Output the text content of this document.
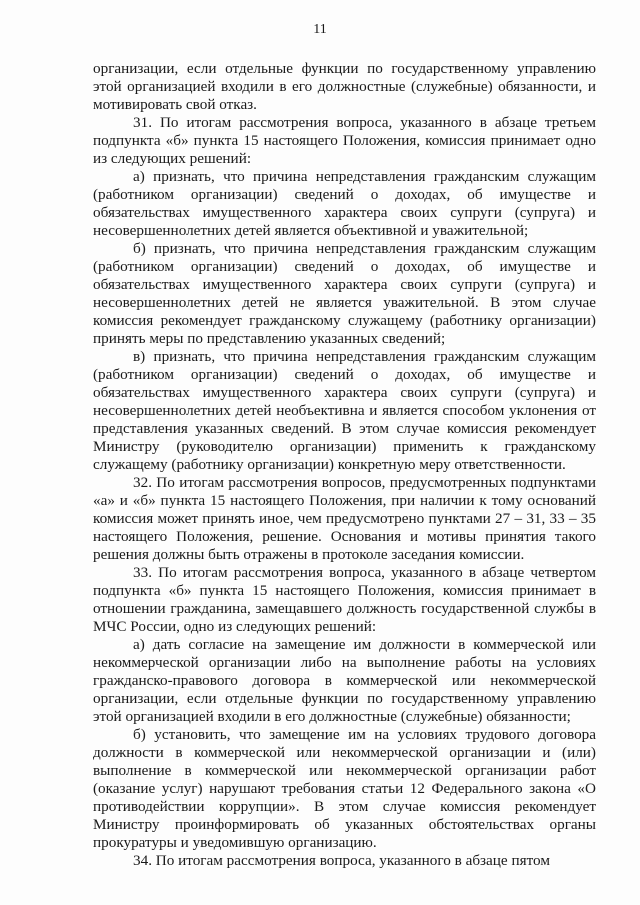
11

организации, если отдельные функции по государственному управлению этой организацией входили в его должностные (служебные) обязанности, и мотивировать свой отказ.

31. По итогам рассмотрения вопроса, указанного в абзаце третьем подпункта «б» пункта 15 настоящего Положения, комиссия принимает одно из следующих решений:

а) признать, что причина непредставления гражданским служащим (работником организации) сведений о доходах, об имуществе и обязательствах имущественного характера своих супруги (супруга) и несовершеннолетних детей является объективной и уважительной;

б) признать, что причина непредставления гражданским служащим (работником организации) сведений о доходах, об имуществе и обязательствах имущественного характера своих супруги (супруга) и несовершеннолетних детей не является уважительной. В этом случае комиссия рекомендует гражданскому служащему (работнику организации) принять меры по представлению указанных сведений;

в) признать, что причина непредставления гражданским служащим (работником организации) сведений о доходах, об имуществе и обязательствах имущественного характера своих супруги (супруга) и несовершеннолетних детей необъективна и является способом уклонения от представления указанных сведений. В этом случае комиссия рекомендует Министру (руководителю организации) применить к гражданскому служащему (работнику организации) конкретную меру ответственности.

32. По итогам рассмотрения вопросов, предусмотренных подпунктами «а» и «б» пункта 15 настоящего Положения, при наличии к тому оснований комиссия может принять иное, чем предусмотрено пунктами 27 – 31, 33 – 35 настоящего Положения, решение. Основания и мотивы принятия такого решения должны быть отражены в протоколе заседания комиссии.

33. По итогам рассмотрения вопроса, указанного в абзаце четвертом подпункта «б» пункта 15 настоящего Положения, комиссия принимает в отношении гражданина, замещавшего должность государственной службы в МЧС России, одно из следующих решений:

а) дать согласие на замещение им должности в коммерческой или некоммерческой организации либо на выполнение работы на условиях гражданско-правового договора в коммерческой или некоммерческой организации, если отдельные функции по государственному управлению этой организацией входили в его должностные (служебные) обязанности;

б) установить, что замещение им на условиях трудового договора должности в коммерческой или некоммерческой организации и (или) выполнение в коммерческой или некоммерческой организации работ (оказание услуг) нарушают требования статьи 12 Федерального закона «О противодействии коррупции». В этом случае комиссия рекомендует Министру проинформировать об указанных обстоятельствах органы прокуратуры и уведомившую организацию.

34. По итогам рассмотрения вопроса, указанного в абзаце пятом
